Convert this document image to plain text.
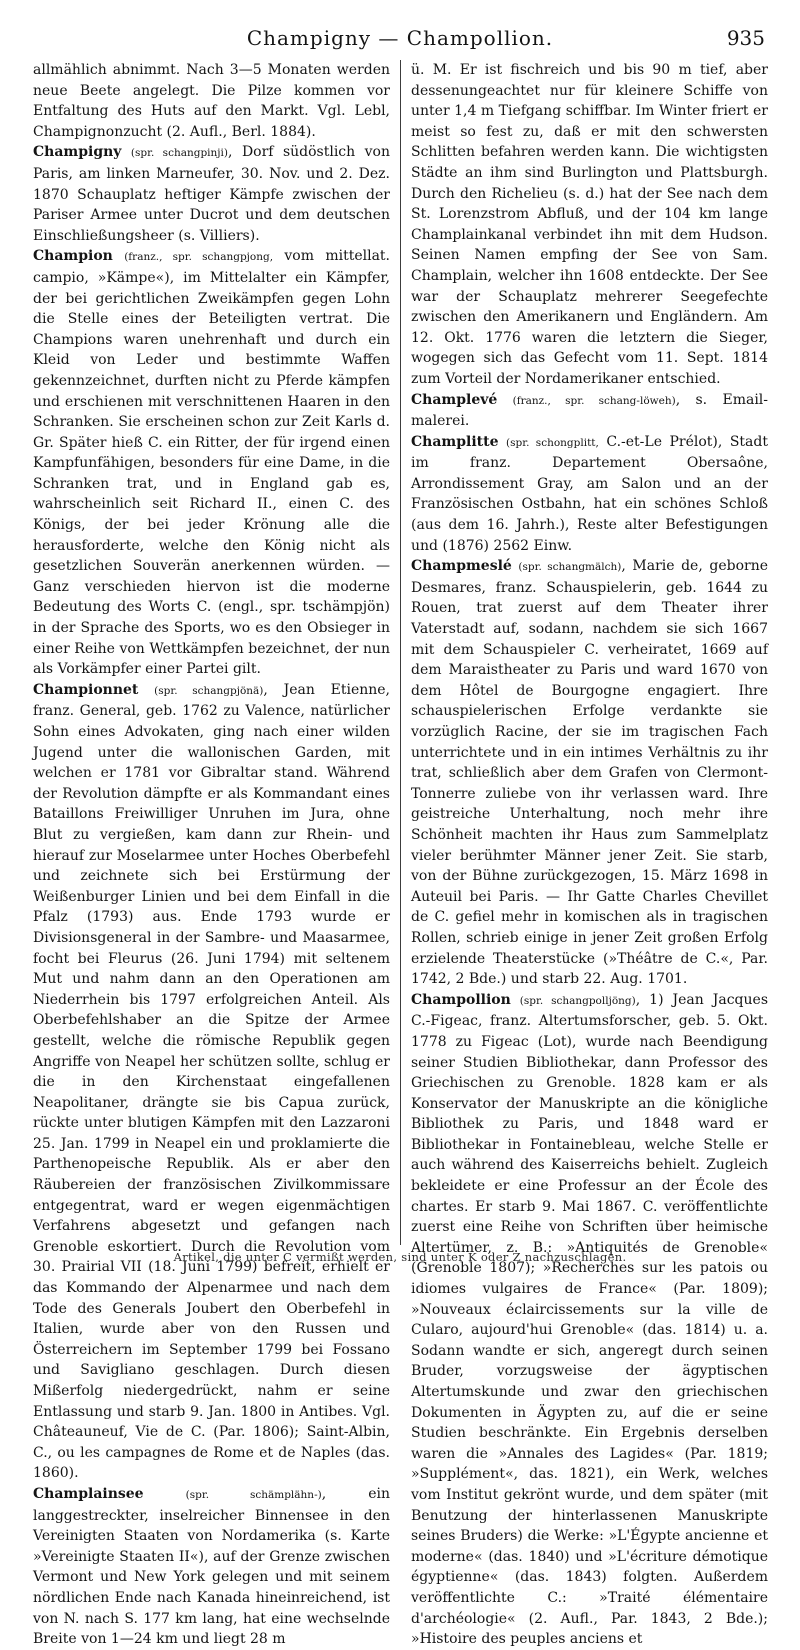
Champigny — Champollion.	935

allmählich abnimmt. Nach 3—5 Monaten werden neue Beete angelegt. Die Pilze kommen vor Entfaltung des Huts auf den Markt. Vgl. Lebl, Champignonzucht (2. Aufl., Berl. 1884).

Champigny (spr. schangpinji), Dorf südöstlich von Paris, am linken Marneufer, 30. Nov. und 2. Dez. 1870 Schauplatz heftiger Kämpfe zwischen der Pariser Armee unter Ducrot und dem deutschen Einschließungsheer (s. Villiers).

Champion (franz., spr. schangpjong, vom mittellat. campio, »Kämpe«), im Mittelalter ein Kämpfer, der bei gerichtlichen Zweikämpfen gegen Lohn die Stelle eines der Beteiligten vertrat. Die Champions waren unehrenhaft und durch ein Kleid von Leder und bestimmte Waffen gekennzeichnet, durften nicht zu Pferde kämpfen und erschienen mit verschnittenen Haaren in den Schranken. Sie erscheinen schon zur Zeit Karls d. Gr. Später hieß C. ein Ritter, der für irgend einen Kampfunfähigen, besonders für eine Dame, in die Schranken trat, und in England gab es, wahrscheinlich seit Richard II., einen C. des Königs, der bei jeder Krönung alle die herausforderte, welche den König nicht als gesetzlichen Souverän anerkennen würden. — Ganz verschieden hiervon ist die moderne Bedeutung des Worts C. (engl., spr. tschämpjön) in der Sprache des Sports, wo es den Obsieger in einer Reihe von Wettkämpfen bezeichnet, der nun als Vorkämpfer einer Partei gilt.

Championnet (spr. schangpjönä), Jean Etienne, franz. General, geb. 1762 zu Valence, natürlicher Sohn eines Advokaten, ging nach einer wilden Jugend unter die wallonischen Garden, mit welchen er 1781 vor Gibraltar stand. Während der Revolution dämpfte er als Kommandant eines Bataillons Freiwilliger Unruhen im Jura, ohne Blut zu vergießen, kam dann zur Rhein- und hierauf zur Moselarmee unter Hoches Oberbefehl und zeichnete sich bei Erstürmung der Weißenburger Linien und bei dem Einfall in die Pfalz (1793) aus. Ende 1793 wurde er Divisionsgeneral in der Sambre- und Maasarmee, focht bei Fleurus (26. Juni 1794) mit seltenem Mut und nahm dann an den Operationen am Niederrhein bis 1797 erfolgreichen Anteil. Als Oberbefehlshaber an die Spitze der Armee gestellt, welche die römische Republik gegen Angriffe von Neapel her schützen sollte, schlug er die in den Kirchenstaat eingefallenen Neapolitaner, drängte sie bis Capua zurück, rückte unter blutigen Kämpfen mit den Lazzaroni 25. Jan. 1799 in Neapel ein und proklamierte die Parthenopeische Republik. Als er aber den Räubereien der französischen Zivilkommissare entgegentrat, ward er wegen eigenmächtigen Verfahrens abgesetzt und gefangen nach Grenoble eskortiert. Durch die Revolution vom 30. Prairial VII (18. Juni 1799) befreit, erhielt er das Kommando der Alpenarmee und nach dem Tode des Generals Joubert den Oberbefehl in Italien, wurde aber von den Russen und Österreichern im September 1799 bei Fossano und Savigliano geschlagen. Durch diesen Mißerfolg niedergedrückt, nahm er seine Entlassung und starb 9. Jan. 1800 in Antibes. Vgl. Châteauneuf, Vie de C. (Par. 1806); Saint-Albin, C., ou les campagnes de Rome et de Naples (das. 1860).

Champlainsee	(spr. schämplähn-), ein langgestreckter, inselreicher Binnensee in den Vereinigten Staaten von Nordamerika (s. Karte »Vereinigte Staaten II«), auf der Grenze zwischen Vermont und New York gelegen und mit seinem nördlichen Ende nach Kanada hineinreichend, ist von N. nach S. 177 km lang, hat eine wechselnde Breite von 1—24 km und liegt 28 m

ü. M. Er ist fischreich und bis 90 m tief, aber dessenungeachtet nur für kleinere Schiffe von unter 1,4 m Tiefgang schiffbar. Im Winter friert er meist so fest zu, daß er mit den schwersten Schlitten befahren werden kann. Die wichtigsten Städte an ihm sind Burlington und Plattsburgh. Durch den Richelieu (s. d.) hat der See nach dem St. Lorenzstrom Abfluß, und der 104 km lange Champlainkanal verbindet ihn mit dem Hudson. Seinen Namen empfing der See von Sam. Champlain, welcher ihn 1608 entdeckte. Der See war der Schauplatz mehrerer Seegefechte zwischen den Amerikanern und Engländern. Am 12. Okt. 1776 waren die letztern die Sieger, wogegen sich das Gefecht vom 11. Sept. 1814 zum Vorteil der Nordamerikaner entschied.

Champlevé (franz., spr. schang-löweh), s. Email-malerei.

Champlitte (spr. schongplitt, C.-et-Le Prélot), Stadt im franz. Departement Obersaône, Arrondissement Gray, am Salon und an der Französischen Ostbahn, hat ein schönes Schloß (aus dem 16. Jahrh.), Reste alter Befestigungen und (1876) 2562 Einw.

Champmeslé (spr. schangmälch), Marie de, geborne Desmares, franz. Schauspielerin, geb. 1644 zu Rouen, trat zuerst auf dem Theater ihrer Vaterstadt auf, sodann, nachdem sie sich 1667 mit dem Schauspieler C. verheiratet, 1669 auf dem Maraistheater zu Paris und ward 1670 von dem Hôtel de Bourgogne engagiert. Ihre schauspielerischen Erfolge verdankte sie vorzüglich Racine, der sie im tragischen Fach unterrichtete und in ein intimes Verhältnis zu ihr trat, schließlich aber dem Grafen von Clermont-Tonnerre zuliebe von ihr verlassen ward. Ihre geistreiche Unterhaltung, noch mehr ihre Schönheit machten ihr Haus zum Sammelplatz vieler berühmter Männer jener Zeit. Sie starb, von der Bühne zurückgezogen, 15. März 1698 in Auteuil bei Paris. — Ihr Gatte Charles Chevillet de C. gefiel mehr in komischen als in tragischen Rollen, schrieb einige in jener Zeit großen Erfolg erzielende Theaterstücke (»Théâtre de C.«, Par. 1742, 2 Bde.) und starb 22. Aug. 1701.

Champollion (spr. schangpolljöng), 1) Jean Jacques C.-Figeac, franz. Altertumsforscher, geb. 5. Okt. 1778 zu Figeac (Lot), wurde nach Beendigung seiner Studien Bibliothekar, dann Professor des Griechischen zu Grenoble. 1828 kam er als Konservator der Manuskripte an die königliche Bibliothek zu Paris, und 1848 ward er Bibliothekar in Fontainebleau, welche Stelle er auch während des Kaiserreichs behielt. Zugleich bekleidete er eine Professur an der École des chartes. Er starb 9. Mai 1867. C. veröffentlichte zuerst eine Reihe von Schriften über heimische Altertümer, z. B.: »Antiquités de Grenoble« (Grenoble 1807); »Recherches sur les patois ou idiomes vulgaires de France« (Par. 1809); »Nouveaux éclaircissements sur la ville de Cularo, aujourd'hui Grenoble« (das. 1814) u. a. Sodann wandte er sich, angeregt durch seinen Bruder, vorzugsweise der ägyptischen Altertumskunde und zwar den griechischen Dokumenten in Ägypten zu, auf die er seine Studien beschränkte. Ein Ergebnis derselben waren die »Annales des Lagides« (Par. 1819; »Supplément«, das. 1821), ein Werk, welches vom Institut gekrönt wurde, und dem später (mit Benutzung der hinterlassenen Manuskripte seines Bruders) die Werke: »L'Égypte ancienne et moderne« (das. 1840) und »L'écriture démotique égyptienne« (das. 1843) folgten. Außerdem veröffentlichte C.: »Traité élémentaire d'archéologie« (2. Aufl., Par. 1843, 2 Bde.); »Histoire des peuples anciens et

Artikel, die unter C vermißt werden, sind unter K oder Z nachzuschlagen.
